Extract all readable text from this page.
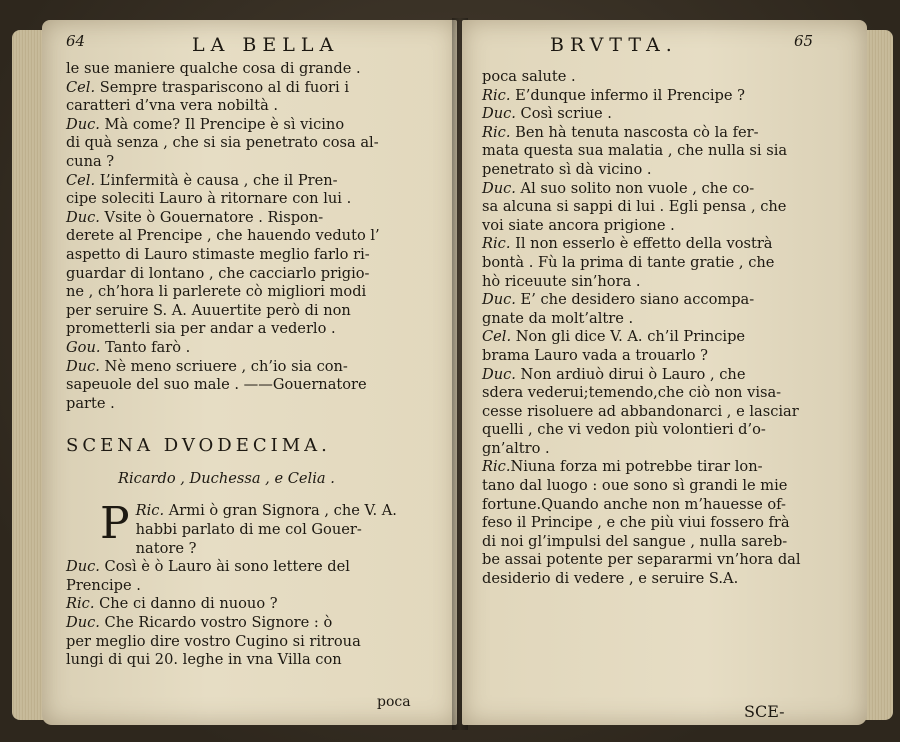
64	LA BELLA
le sue maniere qualche cosa di grande .
Cel. Sempre traspariscono al di fuori i
caratteri d’vna vera nobiltà .
Duc. Mà come? Il Prencipe è sì vicino
di quà senza , che si sia penetrato cosa al-
cuna ?
Cel. L’infermità è causa , che il Pren-
cipe soleciti Lauro à ritornare con lui .
Duc. Vsite ò Gouernatore . Rispon-
derete al Prencipe , che hauendo veduto l’
aspetto di Lauro stimaste meglio farlo ri-
guardar di lontano , che cacciarlo prigio-
ne , ch’hora li parlerete cò migliori modi
per seruire S. A. Auuertite però di non
prometterli sia per andar a vederlo .
Gou. Tanto farò .
Duc. Nè meno scriuere , ch’io sia con-
sapeuole del suo male . ——Gouernatore
parte .
SCENA DVODECIMA.
Ricardo , Duchessa , e Celia .
P Ric. Armi ò gran Signora , che V. A.
habbi parlato di me col Gouer-
natore ?
Duc. Così è ò Lauro ài sono lettere del
Prencipe .
Ric. Che ci danno di nuouo ?
Duc. Che Ricardo vostro Signore : ò
per meglio dire vostro Cugino si ritroua
lungi di qui 20. leghe in vna Villa con
poca
BRVTTA.	65
poca salute .
Ric. E’dunque infermo il Prencipe ?
Duc. Così scriue .
Ric. Ben hà tenuta nascosta cò la fer-
mata questa sua malatia , che nulla si sia
penetrato sì dà vicino .
Duc. Al suo solito non vuole , che co-
sa alcuna si sappi di lui . Egli pensa , che
voi siate ancora prigione .
Ric. Il non esserlo è effetto della vostrà
bontà . Fù la prima di tante gratie , che
hò riceuute sin’hora .
Duc. E’ che desidero siano accompa-
gnate da molt’altre .
Cel. Non gli dice V. A. ch’il Principe
brama Lauro vada a trouarlo ?
Duc. Non ardiuò dirui ò Lauro , che
sdera vederui;temendo,che ciò non visa-
cesse risoluere ad abbandonarci , e lasciar
quelli , che vi vedon più volontieri d’o-
gn’altro .
Ric.Niuna forza mi potrebbe tirar lon-
tano dal luogo : oue sono sì grandi le mie
fortune.Quando anche non m’hauesse of-
feso il Principe , e che più viui fossero frà
di noi gl’impulsi del sangue , nulla sareb-
be assai potente per separarmi vn’hora dal
desiderio di vedere , e seruire S.A.
SCE-
